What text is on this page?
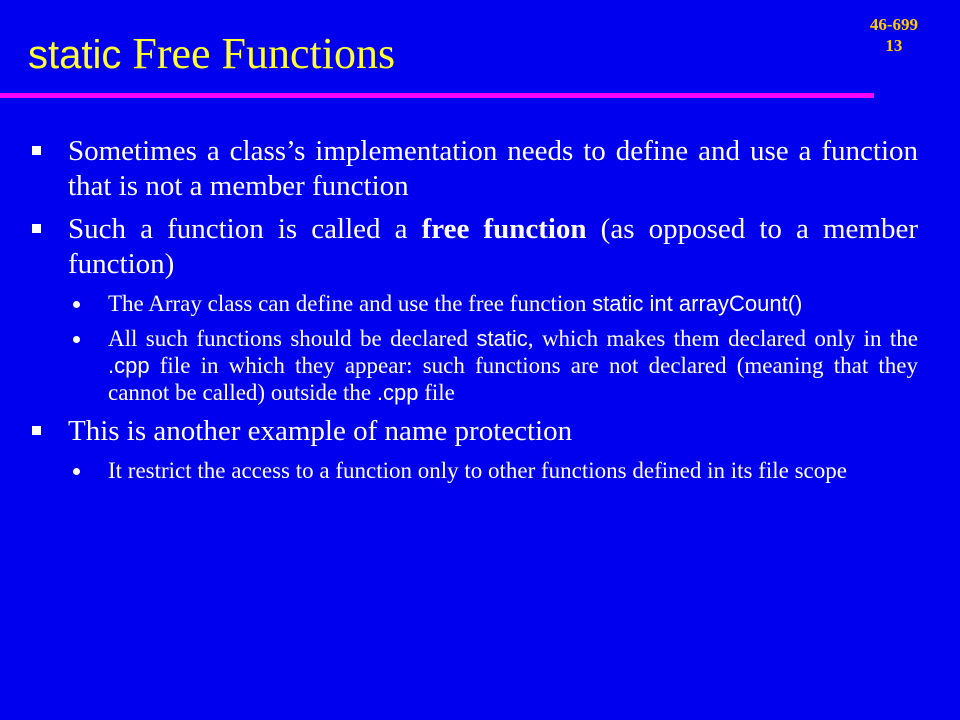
46-699
13
static Free Functions
Sometimes a class’s implementation needs to define and use a function that is not a member function
Such a function is called a free function (as opposed to a member function)
The Array class can define and use the free function static int arrayCount()
All such functions should be declared static, which makes them declared only in the .cpp file in which they appear: such functions are not declared (meaning that they cannot be called) outside the .cpp file
This is another example of name protection
It restrict the access to a function only to other functions defined in its file scope
